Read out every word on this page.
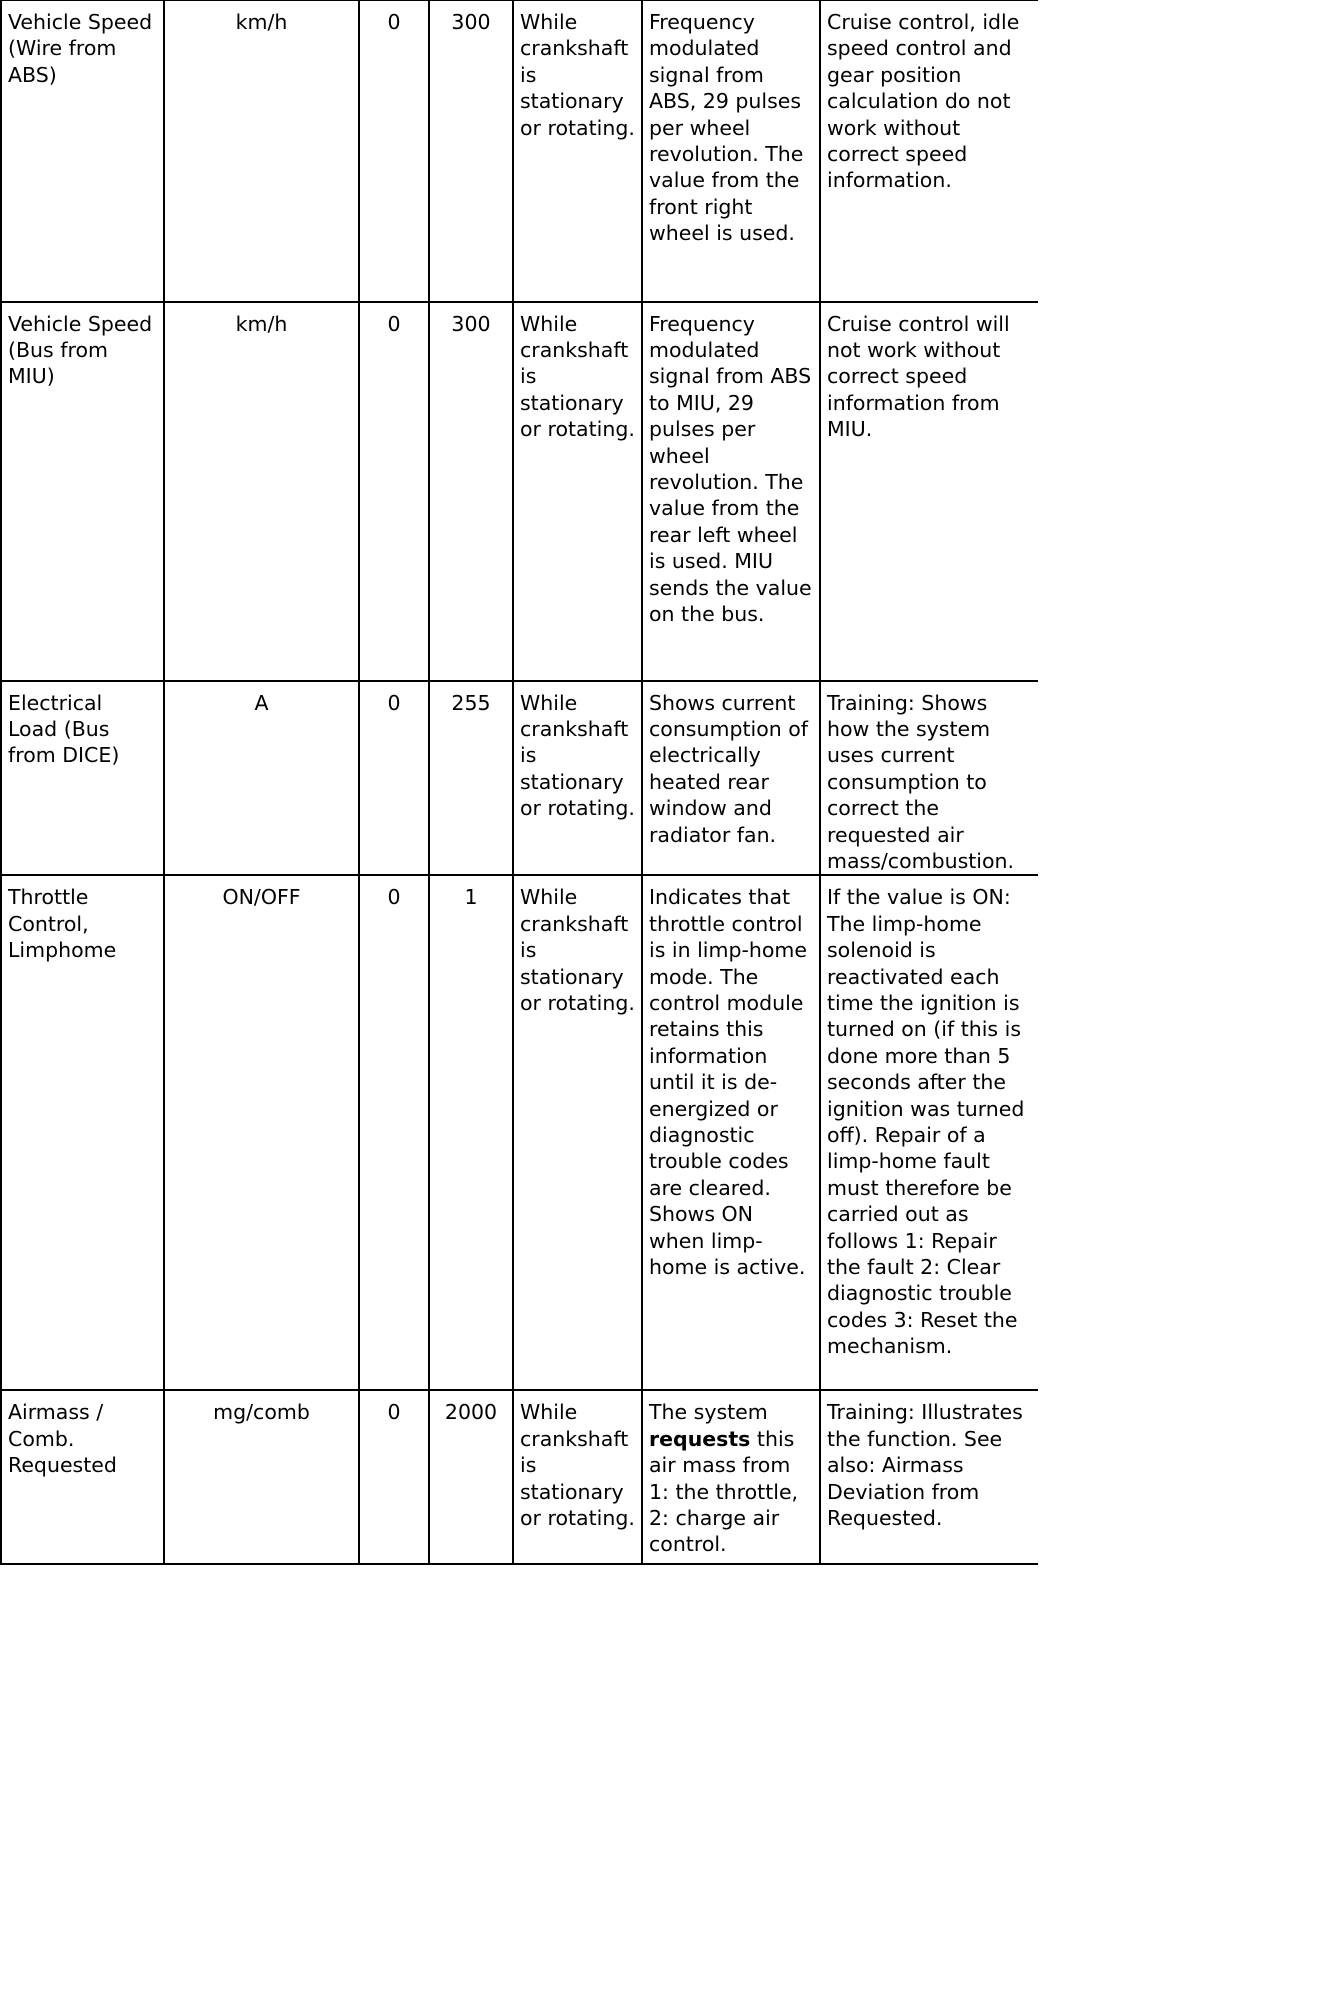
Vehicle Speed (Wire from ABS)	km/h	0	300	While crankshaft is stationary or rotating.	Frequency modulated signal from ABS, 29 pulses per wheel revolution. The value from the front right wheel is used.	Cruise control, idle speed control and gear position calculation do not work without correct speed information.
Vehicle Speed (Bus from MIU)	km/h	0	300	While crankshaft is stationary or rotating.	Frequency modulated signal from ABS to MIU, 29 pulses per wheel revolution. The value from the rear left wheel is used. MIU sends the value on the bus.	Cruise control will not work without correct speed information from MIU.
Electrical Load (Bus from DICE)	A	0	255	While crankshaft is stationary or rotating.	Shows current consumption of electrically heated rear window and radiator fan.	Training: Shows how the system uses current consumption to correct the requested air mass/combustion.
Throttle Control, Limphome	ON/OFF	0	1	While crankshaft is stationary or rotating.	Indicates that throttle control is in limp-home mode. The control module retains this information until it is de-energized or diagnostic trouble codes are cleared. Shows ON when limp-home is active.	If the value is ON: The limp-home solenoid is reactivated each time the ignition is turned on (if this is done more than 5 seconds after the ignition was turned off). Repair of a limp-home fault must therefore be carried out as follows 1: Repair the fault 2: Clear diagnostic trouble codes 3: Reset the mechanism.
Airmass / Comb. Requested	mg/comb	0	2000	While crankshaft is stationary or rotating.	The system requests this air mass from 1: the throttle, 2: charge air control.	Training: Illustrates the function. See also: Airmass Deviation from Requested.
